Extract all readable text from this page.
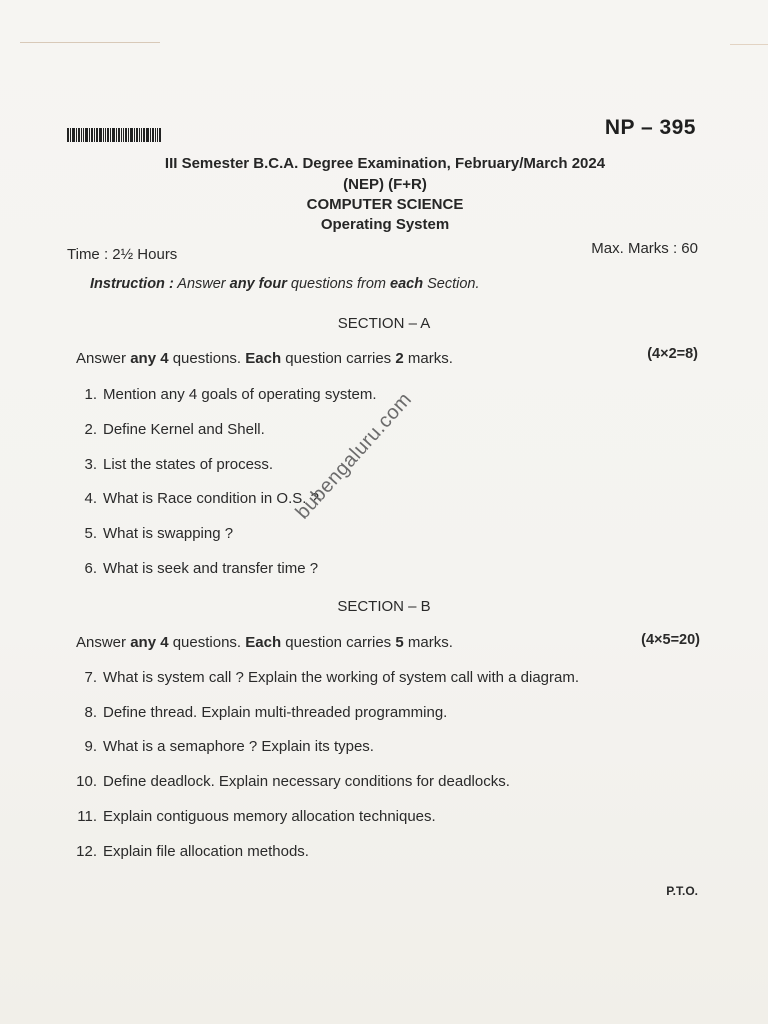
NP – 395
III Semester B.C.A. Degree Examination, February/March 2024
(NEP) (F+R)
COMPUTER SCIENCE
Operating System
Time : 2½ Hours	Max. Marks : 60
Instruction : Answer any four questions from each Section.
SECTION – A
Answer any 4 questions. Each question carries 2 marks.	(4×2=8)
1. Mention any 4 goals of operating system.
2. Define Kernel and Shell.
3. List the states of process.
4. What is Race condition in O.S. ?
5. What is swapping ?
6. What is seek and transfer time ?
SECTION – B
Answer any 4 questions. Each question carries 5 marks.	(4×5=20)
7. What is system call ? Explain the working of system call with a diagram.
8. Define thread. Explain multi-threaded programming.
9. What is a semaphore ? Explain its types.
10. Define deadlock. Explain necessary conditions for deadlocks.
11. Explain contiguous memory allocation techniques.
12. Explain file allocation methods.
bubengaluru.com
P.T.O.
